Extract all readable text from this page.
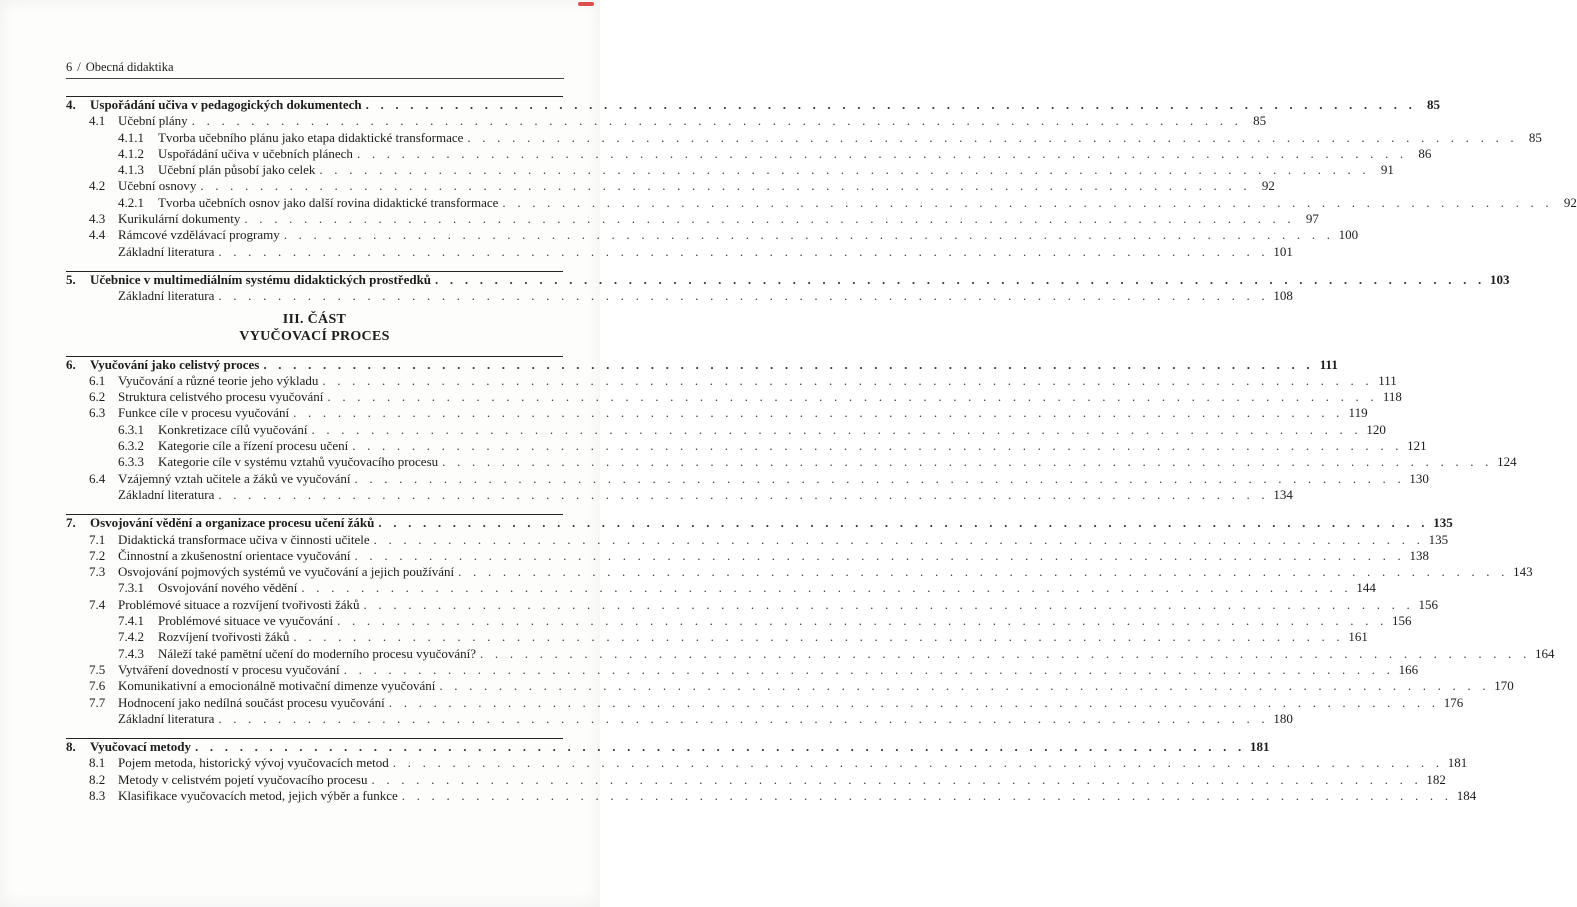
6 / Obecná didaktika
4. Uspořádání učiva v pedagogických dokumentech . . . . . . . . . . . . . . . . . . . . . . . . . . . . . . . . . . . . . . . . . . . . . . . . . . . . . . . . . . . . . . . . . . . . . . . 85
4.1 Učební plány . . . . . . . . . . . . . . . . . . . . . . . . . . . . . . . . . . . . . . . . . . . . . . . . . . . . . . . . . . . . . . . . . . . . . . . 85
4.1.1 Tvorba učebního plánu jako etapa didaktické transformace . . . . . . . . . . . . . . . . . . . . . . . . . . . . . . . . . . . . . . . . . . . . . . . . . . . . . . . . . . . . . . . . . . . . . . . 85
4.1.2 Uspořádání učiva v učebních plánech . . . . . . . . . . . . . . . . . . . . . . . . . . . . . . . . . . . . . . . . . . . . . . . . . . . . . . . . . . . . . . . . . . . . . . . 86
4.1.3 Učební plán působí jako celek . . . . . . . . . . . . . . . . . . . . . . . . . . . . . . . . . . . . . . . . . . . . . . . . . . . . . . . . . . . . . . . . . . . . . . . 91
4.2 Učební osnovy . . . . . . . . . . . . . . . . . . . . . . . . . . . . . . . . . . . . . . . . . . . . . . . . . . . . . . . . . . . . . . . . . . . . . . . 92
4.2.1 Tvorba učebních osnov jako další rovina didaktické transformace . . . . . . . . . . . . . . . . . . . . . . . . . . . . . . . . . . . . . . . . . . . . . . . . . . . . . . . . . . . . . . . . . . . . . . . 92
4.3 Kurikulární dokumenty . . . . . . . . . . . . . . . . . . . . . . . . . . . . . . . . . . . . . . . . . . . . . . . . . . . . . . . . . . . . . . . . . . . . . . . 97
4.4 Rámcové vzdělávací programy . . . . . . . . . . . . . . . . . . . . . . . . . . . . . . . . . . . . . . . . . . . . . . . . . . . . . . . . . . . . . . . . . . . . . . . 100
Základní literatura . . . . . . . . . . . . . . . . . . . . . . . . . . . . . . . . . . . . . . . . . . . . . . . . . . . . . . . . . . . . . . . . . . . . . . . 101
5. Učebnice v multimediálním systému didaktických prostředků . . . . . . . . . . . . . . . . . . . . . . . . . . . . . . . . . . . . . . . . . . . . . . . . . . . . . . . . . . . . . . . . . . . . . . . 103
Základní literatura . . . . . . . . . . . . . . . . . . . . . . . . . . . . . . . . . . . . . . . . . . . . . . . . . . . . . . . . . . . . . . . . . . . . . . . 108
III. ČÁST
VYUČOVACÍ PROCES
6. Vyučování jako celistvý proces . . . . . . . . . . . . . . . . . . . . . . . . . . . . . . . . . . . . . . . . . . . . . . . . . . . . . . . . . . . . . . . . . . . . . . . 111
6.1 Vyučování a různé teorie jeho výkladu . . . . . . . . . . . . . . . . . . . . . . . . . . . . . . . . . . . . . . . . . . . . . . . . . . . . . . . . . . . . . . . . . . . . . . . 111
6.2 Struktura celistvého procesu vyučování . . . . . . . . . . . . . . . . . . . . . . . . . . . . . . . . . . . . . . . . . . . . . . . . . . . . . . . . . . . . . . . . . . . . . . . 118
6.3 Funkce cíle v procesu vyučování . . . . . . . . . . . . . . . . . . . . . . . . . . . . . . . . . . . . . . . . . . . . . . . . . . . . . . . . . . . . . . . . . . . . . . . 119
6.3.1 Konkretizace cílů vyučování . . . . . . . . . . . . . . . . . . . . . . . . . . . . . . . . . . . . . . . . . . . . . . . . . . . . . . . . . . . . . . . . . . . . . . . 120
6.3.2 Kategorie cíle a řízení procesu učení . . . . . . . . . . . . . . . . . . . . . . . . . . . . . . . . . . . . . . . . . . . . . . . . . . . . . . . . . . . . . . . . . . . . . . . 121
6.3.3 Kategorie cíle v systému vztahů vyučovacího procesu . . . . . . . . . . . . . . . . . . . . . . . . . . . . . . . . . . . . . . . . . . . . . . . . . . . . . . . . . . . . . . . . . . . . . . . 124
6.4 Vzájemný vztah učitele a žáků ve vyučování . . . . . . . . . . . . . . . . . . . . . . . . . . . . . . . . . . . . . . . . . . . . . . . . . . . . . . . . . . . . . . . . . . . . . . . 130
Základní literatura . . . . . . . . . . . . . . . . . . . . . . . . . . . . . . . . . . . . . . . . . . . . . . . . . . . . . . . . . . . . . . . . . . . . . . . 134
7. Osvojování vědění a organizace procesu učení žáků . . . . . . . . . . . . . . . . . . . . . . . . . . . . . . . . . . . . . . . . . . . . . . . . . . . . . . . . . . . . . . . . . . . . . . . 135
7.1 Didaktická transformace učiva v činnosti učitele . . . . . . . . . . . . . . . . . . . . . . . . . . . . . . . . . . . . . . . . . . . . . . . . . . . . . . . . . . . . . . . . . . . . . . . 135
7.2 Činnostní a zkušenostní orientace vyučování . . . . . . . . . . . . . . . . . . . . . . . . . . . . . . . . . . . . . . . . . . . . . . . . . . . . . . . . . . . . . . . . . . . . . . . 138
7.3 Osvojování pojmových systémů ve vyučování a jejich používání . . . . . . . . . . . . . . . . . . . . . . . . . . . . . . . . . . . . . . . . . . . . . . . . . . . . . . . . . . . . . . . . . . . . . . . 143
7.3.1 Osvojování nového vědění . . . . . . . . . . . . . . . . . . . . . . . . . . . . . . . . . . . . . . . . . . . . . . . . . . . . . . . . . . . . . . . . . . . . . . . 144
7.4 Problémové situace a rozvíjení tvořivosti žáků . . . . . . . . . . . . . . . . . . . . . . . . . . . . . . . . . . . . . . . . . . . . . . . . . . . . . . . . . . . . . . . . . . . . . . . 156
7.4.1 Problémové situace ve vyučování . . . . . . . . . . . . . . . . . . . . . . . . . . . . . . . . . . . . . . . . . . . . . . . . . . . . . . . . . . . . . . . . . . . . . . . 156
7.4.2 Rozvíjení tvořivosti žáků . . . . . . . . . . . . . . . . . . . . . . . . . . . . . . . . . . . . . . . . . . . . . . . . . . . . . . . . . . . . . . . . . . . . . . . 161
7.4.3 Náleží také pamětní učení do moderního procesu vyučování? . . . . . . . . . . . . . . . . . . . . . . . . . . . . . . . . . . . . . . . . . . . . . . . . . . . . . . . . . . . . . . . . . . . . . . . 164
7.5 Vytváření dovedností v procesu vyučování . . . . . . . . . . . . . . . . . . . . . . . . . . . . . . . . . . . . . . . . . . . . . . . . . . . . . . . . . . . . . . . . . . . . . . . 166
7.6 Komunikativní a emocionálně motivační dimenze vyučování . . . . . . . . . . . . . . . . . . . . . . . . . . . . . . . . . . . . . . . . . . . . . . . . . . . . . . . . . . . . . . . . . . . . . . . 170
7.7 Hodnocení jako nedílná součást procesu vyučování . . . . . . . . . . . . . . . . . . . . . . . . . . . . . . . . . . . . . . . . . . . . . . . . . . . . . . . . . . . . . . . . . . . . . . . 176
Základní literatura . . . . . . . . . . . . . . . . . . . . . . . . . . . . . . . . . . . . . . . . . . . . . . . . . . . . . . . . . . . . . . . . . . . . . . . 180
8. Vyučovací metody . . . . . . . . . . . . . . . . . . . . . . . . . . . . . . . . . . . . . . . . . . . . . . . . . . . . . . . . . . . . . . . . . . . . . . . 181
8.1 Pojem metoda, historický vývoj vyučovacích metod . . . . . . . . . . . . . . . . . . . . . . . . . . . . . . . . . . . . . . . . . . . . . . . . . . . . . . . . . . . . . . . . . . . . . . . 181
8.2 Metody v celistvém pojetí vyučovacího procesu . . . . . . . . . . . . . . . . . . . . . . . . . . . . . . . . . . . . . . . . . . . . . . . . . . . . . . . . . . . . . . . . . . . . . . . 182
8.3 Klasifikace vyučovacích metod, jejich výběr a funkce . . . . . . . . . . . . . . . . . . . . . . . . . . . . . . . . . . . . . . . . . . . . . . . . . . . . . . . . . . . . . . . . . . . . . . . 184
